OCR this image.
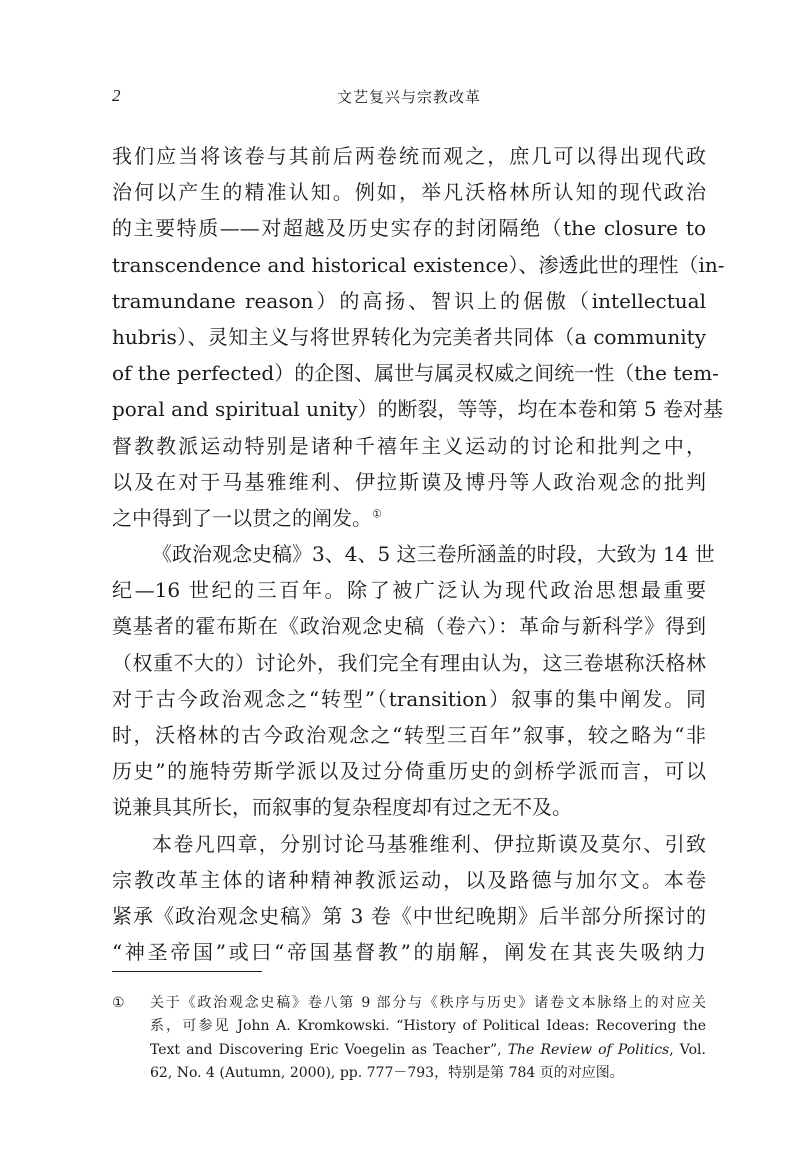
2	文艺复兴与宗教改革
我们应当将该卷与其前后两卷统而观之，庶几可以得出现代政
治何以产生的精准认知。例如，举凡沃格林所认知的现代政治
的主要特质——对超越及历史实存的封闭隔绝（the closure to
transcendence and historical existence）、渗透此世的理性（in-
tramundane reason）的高扬、智识上的倨傲（intellectual
hubris）、灵知主义与将世界转化为完美者共同体（a community
of the perfected）的企图、属世与属灵权威之间统一性（the tem-
poral and spiritual unity）的断裂，等等，均在本卷和第 5 卷对基
督教教派运动特别是诸种千禧年主义运动的讨论和批判之中，
以及在对于马基雅维利、伊拉斯谟及博丹等人政治观念的批判
之中得到了一以贯之的阐发。①
《政治观念史稿》3、4、5 这三卷所涵盖的时段，大致为 14 世
纪—16 世纪的三百年。除了被广泛认为现代政治思想最重要
奠基者的霍布斯在《政治观念史稿（卷六）：革命与新科学》得到
（权重不大的）讨论外，我们完全有理由认为，这三卷堪称沃格林
对于古今政治观念之“转型”（transition）叙事的集中阐发。同
时，沃格林的古今政治观念之“转型三百年”叙事，较之略为“非
历史”的施特劳斯学派以及过分倚重历史的剑桥学派而言，可以
说兼具其所长，而叙事的复杂程度却有过之无不及。
本卷凡四章，分别讨论马基雅维利、伊拉斯谟及莫尔、引致
宗教改革主体的诸种精神教派运动，以及路德与加尔文。本卷
紧承《政治观念史稿》第 3 卷《中世纪晚期》后半部分所探讨的
“神圣帝国”或曰“帝国基督教”的崩解，阐发在其丧失吸纳力
① 关于《政治观念史稿》卷八第 9 部分与《秩序与历史》诸卷文本脉络上的对应关
系，可参见 John A. Kromkowski. “History of Political Ideas: Recovering the
Text and Discovering Eric Voegelin as Teacher”, The Review of Politics, Vol.
62, No. 4 (Autumn, 2000), pp. 777－793，特别是第 784 页的对应图。
